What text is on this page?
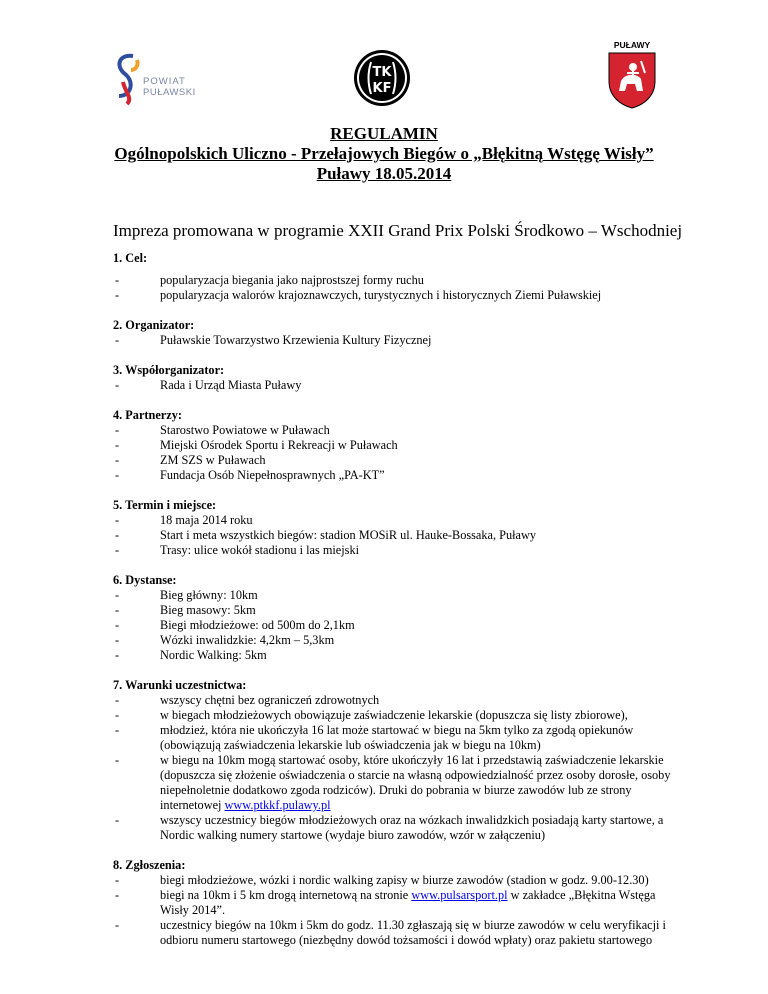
POWIAT
PUŁAWSKI
TK
KF
PUŁAWY
REGULAMIN
Ogólnopolskich Uliczno - Przełajowych Biegów o „Błękitną Wstęgę Wisły”
Puławy 18.05.2014
Impreza promowana w programie XXII Grand Prix Polski Środkowo – Wschodniej
1. Cel:
-	popularyzacja biegania jako najprostszej formy ruchu
-	popularyzacja walorów krajoznawczych, turystycznych i historycznych Ziemi Puławskiej
2. Organizator:
-	Puławskie Towarzystwo Krzewienia Kultury Fizycznej
3. Współorganizator:
-	Rada i Urząd Miasta Puławy
4. Partnerzy:
-	Starostwo Powiatowe w Puławach
-	Miejski Ośrodek Sportu i Rekreacji w Puławach
-	ZM SZS w Puławach
-	Fundacja Osób Niepełnosprawnych „PA-KT”
5. Termin i miejsce:
-	18 maja 2014 roku
-	Start i meta wszystkich biegów: stadion MOSiR ul. Hauke-Bossaka, Puławy
-	Trasy: ulice wokół stadionu i las miejski
6. Dystanse:
-	Bieg główny: 10km
-	Bieg masowy: 5km
-	Biegi młodzieżowe: od 500m do 2,1km
-	Wózki inwalidzkie: 4,2km – 5,3km
-	Nordic Walking: 5km
7. Warunki uczestnictwa:
-	wszyscy chętni bez ograniczeń zdrowotnych
-	w biegach młodzieżowych obowiązuje zaświadczenie lekarskie (dopuszcza się listy zbiorowe),
-	młodzież, która nie ukończyła 16 lat może startować w biegu na 5km tylko za zgodą opiekunów
(obowiązują zaświadczenia lekarskie lub oświadczenia jak w biegu na 10km)
-	w biegu na 10km mogą startować osoby, które ukończyły 16 lat i przedstawią zaświadczenie lekarskie
(dopuszcza się złożenie oświadczenia o starcie na własną odpowiedzialność przez osoby dorosłe, osoby
niepełnoletnie dodatkowo zgoda rodziców). Druki do pobrania w biurze zawodów lub ze strony
internetowej www.ptkkf.pulawy.pl
-	wszyscy uczestnicy biegów młodzieżowych oraz na wózkach inwalidzkich posiadają karty startowe, a
Nordic walking numery startowe (wydaje biuro zawodów, wzór w załączeniu)
8. Zgłoszenia:
-	biegi młodzieżowe, wózki i nordic walking zapisy w biurze zawodów (stadion w godz. 9.00-12.30)
-	biegi na 10km i 5 km drogą internetową na stronie www.pulsarsport.pl w zakładce „Błękitna Wstęga
Wisły 2014”.
-	uczestnicy biegów na 10km i 5km do godz. 11.30 zgłaszają się w biurze zawodów w celu weryfikacji i
odbioru numeru startowego (niezbędny dowód tożsamości i dowód wpłaty) oraz pakietu startowego
